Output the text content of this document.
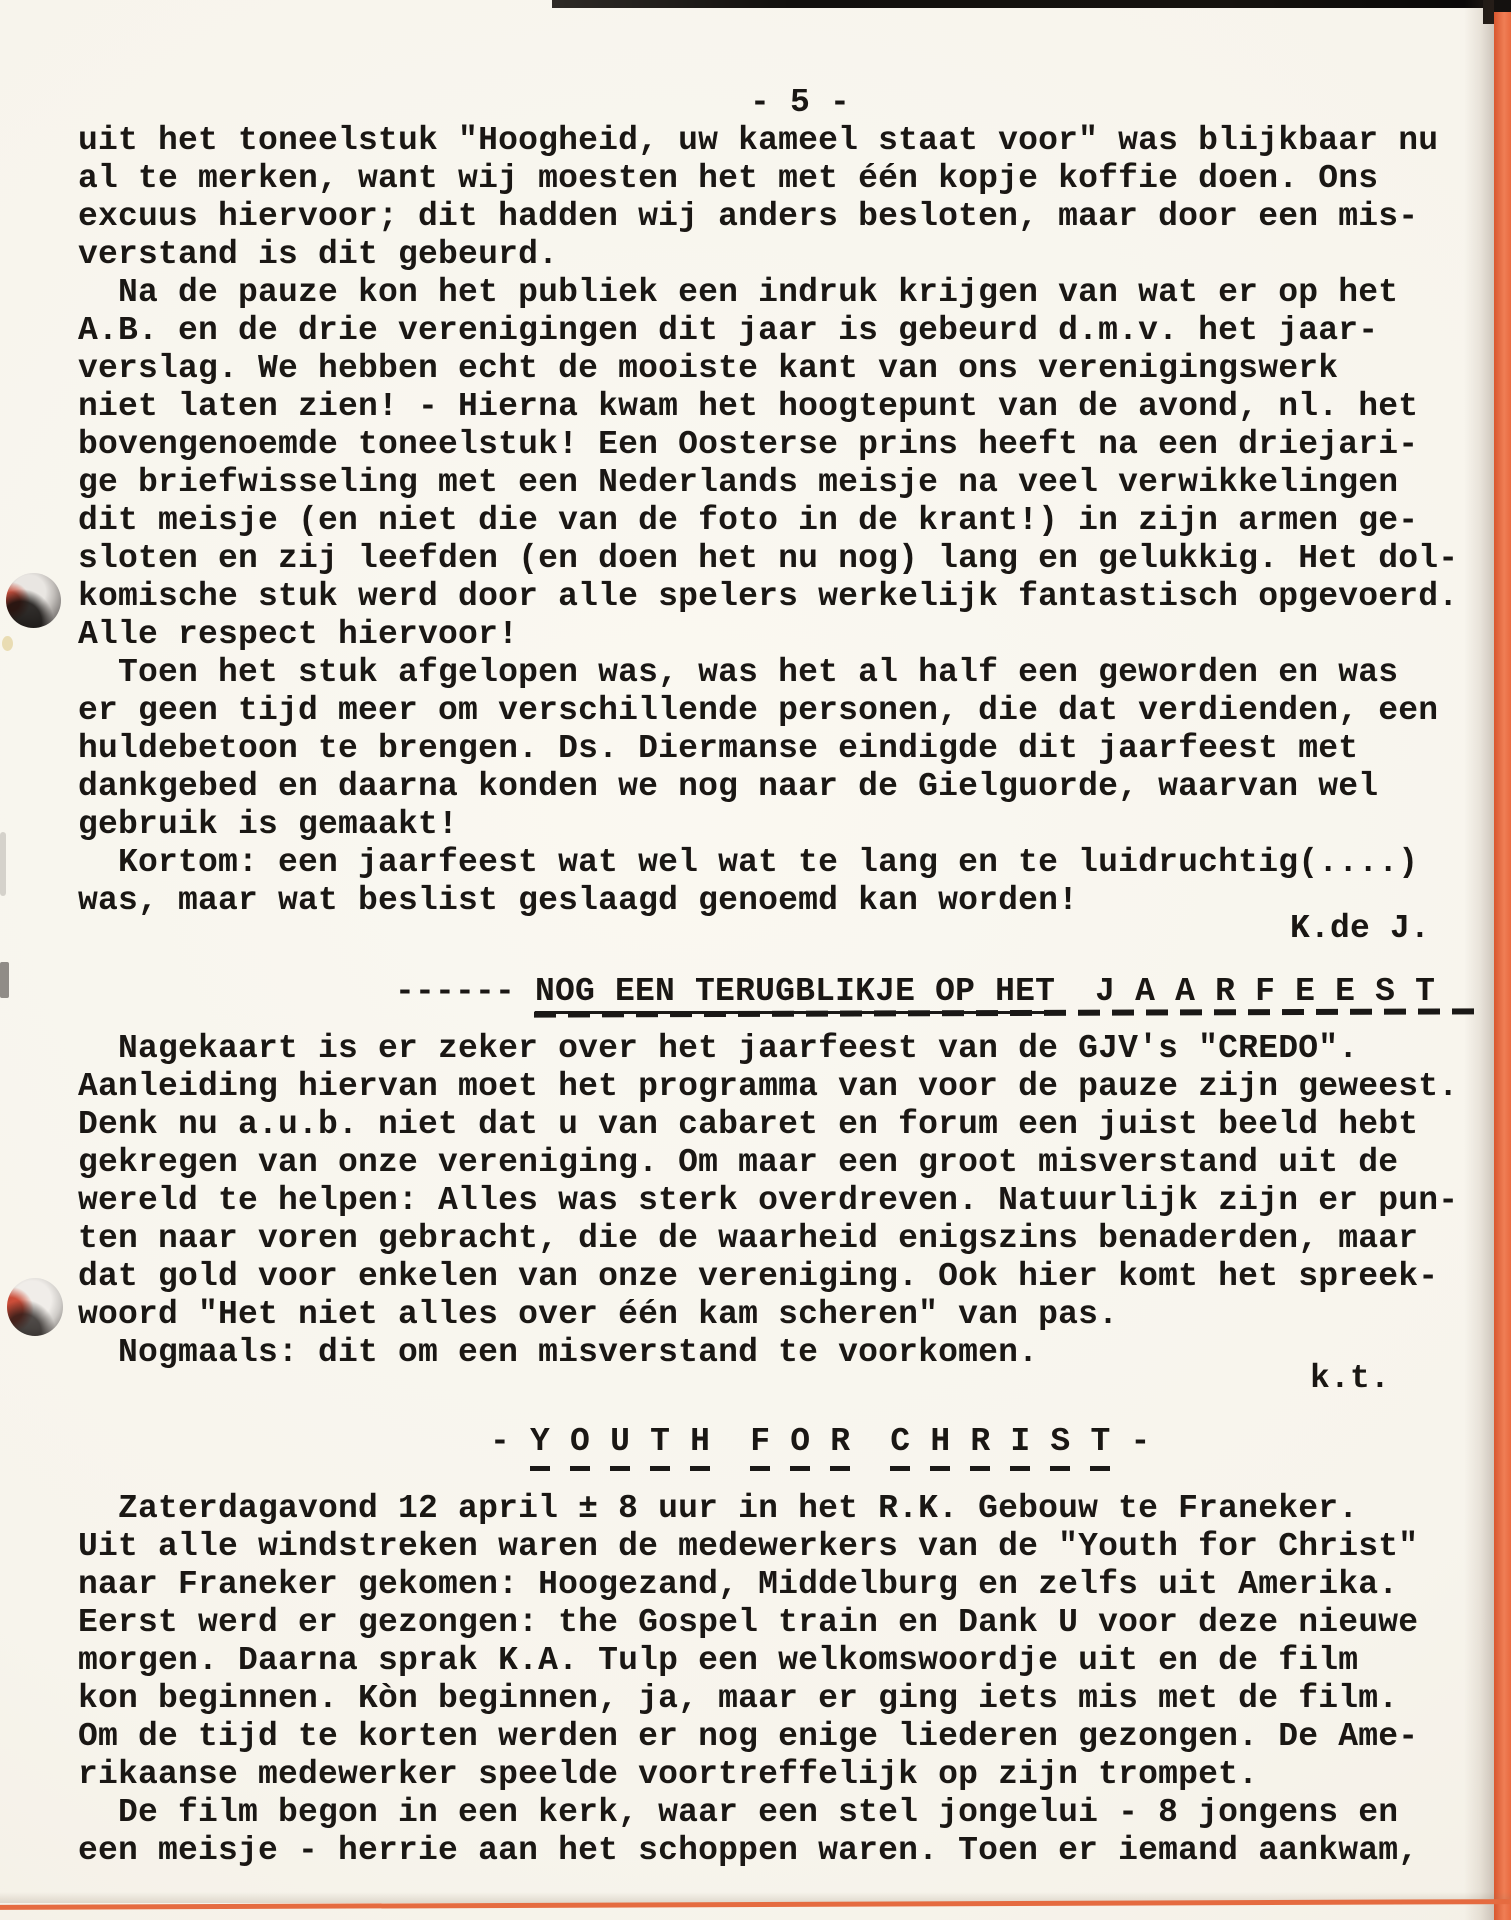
- 5 -
uit het toneelstuk "Hoogheid, uw kameel staat voor" was blijkbaar nu
al te merken, want wij moesten het met één kopje koffie doen. Ons
excuus hiervoor; dit hadden wij anders besloten, maar door een mis-
verstand is dit gebeurd.
Na de pauze kon het publiek een indruk krijgen van wat er op het
A.B. en de drie verenigingen dit jaar is gebeurd d.m.v. het jaar-
verslag. We hebben echt de mooiste kant van ons verenigingswerk
niet laten zien! - Hierna kwam het hoogtepunt van de avond, nl. het
bovengenoemde toneelstuk! Een Oosterse prins heeft na een driejari-
ge briefwisseling met een Nederlands meisje na veel verwikkelingen
dit meisje (en niet die van de foto in de krant!) in zijn armen ge-
sloten en zij leefden (en doen het nu nog) lang en gelukkig. Het dol-
komische stuk werd door alle spelers werkelijk fantastisch opgevoerd.
Alle respect hiervoor!
Toen het stuk afgelopen was, was het al half een geworden en was
er geen tijd meer om verschillende personen, die dat verdienden, een
huldebetoon te brengen. Ds. Diermanse eindigde dit jaarfeest met
dankgebed en daarna konden we nog naar de Gielguorde, waarvan wel
gebruik is gemaakt!
Kortom: een jaarfeest wat wel wat te lang en te luidruchtig(....)
was, maar wat beslist geslaagd genoemd kan worden!
K.de J.
------ NOG EEN TERUGBLIKJE OP HET  J A A R F E E S T
Nagekaart is er zeker over het jaarfeest van de GJV's "CREDO".
Aanleiding hiervan moet het programma van voor de pauze zijn geweest.
Denk nu a.u.b. niet dat u van cabaret en forum een juist beeld hebt
gekregen van onze vereniging. Om maar een groot misverstand uit de
wereld te helpen: Alles was sterk overdreven. Natuurlijk zijn er pun-
ten naar voren gebracht, die de waarheid enigszins benaderden, maar
dat gold voor enkelen van onze vereniging. Ook hier komt het spreek-
woord "Het niet alles over één kam scheren" van pas.
Nogmaals: dit om een misverstand te voorkomen.
k.t.
- Y O U T H F O R C H R I S T -
Zaterdagavond 12 april ± 8 uur in het R.K. Gebouw te Franeker.
Uit alle windstreken waren de medewerkers van de "Youth for Christ"
naar Franeker gekomen: Hoogezand, Middelburg en zelfs uit Amerika.
Eerst werd er gezongen: the Gospel train en Dank U voor deze nieuwe
morgen. Daarna sprak K.A. Tulp een welkomswoordje uit en de film
kon beginnen. Kòn beginnen, ja, maar er ging iets mis met de film.
Om de tijd te korten werden er nog enige liederen gezongen. De Ame-
rikaanse medewerker speelde voortreffelijk op zijn trompet.
De film begon in een kerk, waar een stel jongelui - 8 jongens en
een meisje - herrie aan het schoppen waren. Toen er iemand aankwam,
